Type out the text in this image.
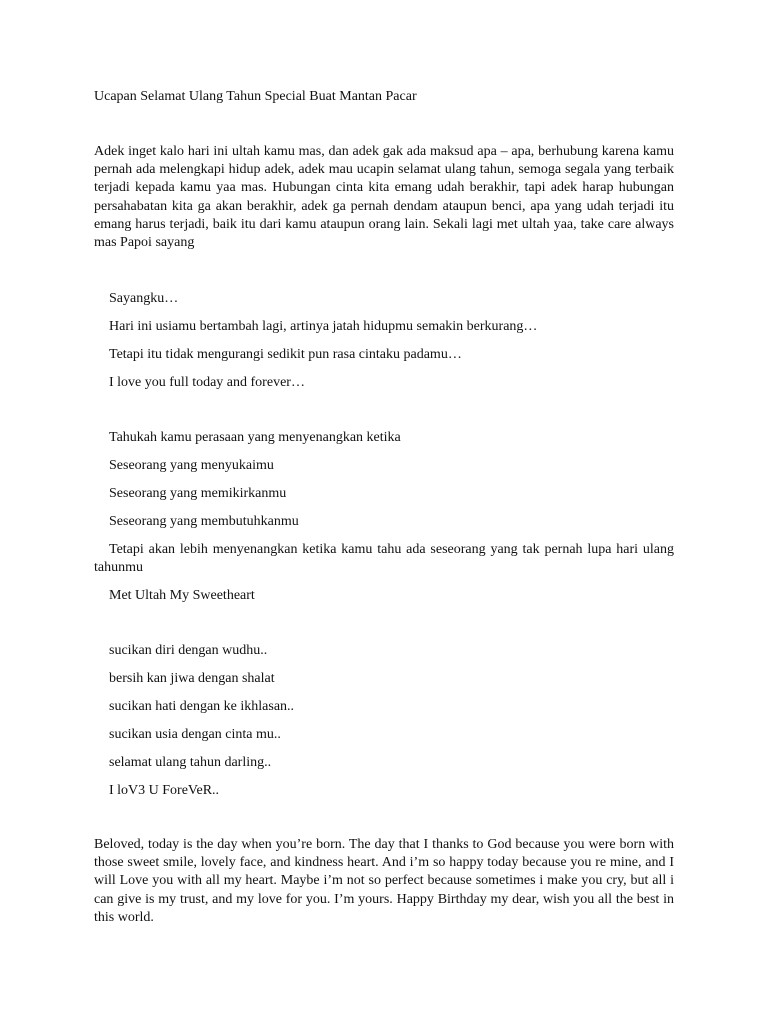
Ucapan Selamat Ulang Tahun Special Buat Mantan Pacar
Adek inget kalo hari ini ultah kamu mas, dan adek gak ada maksud apa – apa, berhubung karena kamu pernah ada melengkapi hidup adek, adek mau ucapin selamat ulang tahun, semoga segala yang terbaik terjadi kepada kamu yaa mas. Hubungan cinta kita emang udah berakhir, tapi adek harap hubungan persahabatan kita ga akan berakhir, adek ga pernah dendam ataupun benci, apa yang udah terjadi itu emang harus terjadi, baik itu dari kamu ataupun orang lain. Sekali lagi met ultah yaa, take care always mas Papoi sayang
Sayangku…
Hari ini usiamu bertambah lagi, artinya jatah hidupmu semakin berkurang…
Tetapi itu tidak mengurangi sedikit pun rasa cintaku padamu…
I love you full today and forever…
Tahukah kamu perasaan yang menyenangkan ketika
Seseorang yang menyukaimu
Seseorang yang memikirkanmu
Seseorang yang membutuhkanmu
Tetapi akan lebih menyenangkan ketika kamu tahu ada seseorang yang tak pernah lupa hari ulang tahunmu
Met Ultah My Sweetheart
sucikan diri dengan wudhu..
bersih kan jiwa dengan shalat
sucikan hati dengan ke ikhlasan..
sucikan usia dengan cinta mu..
selamat ulang tahun darling..
I loV3 U ForeVeR..
Beloved, today is the day when you’re born. The day that I thanks to God because you were born with those sweet smile, lovely face, and kindness heart. And i’m so happy today because you re mine, and I will Love you with all my heart. Maybe i’m not so perfect because sometimes i make you cry, but all i can give is my trust, and my love for you. I’m yours. Happy Birthday my dear, wish you all the best in this world.
